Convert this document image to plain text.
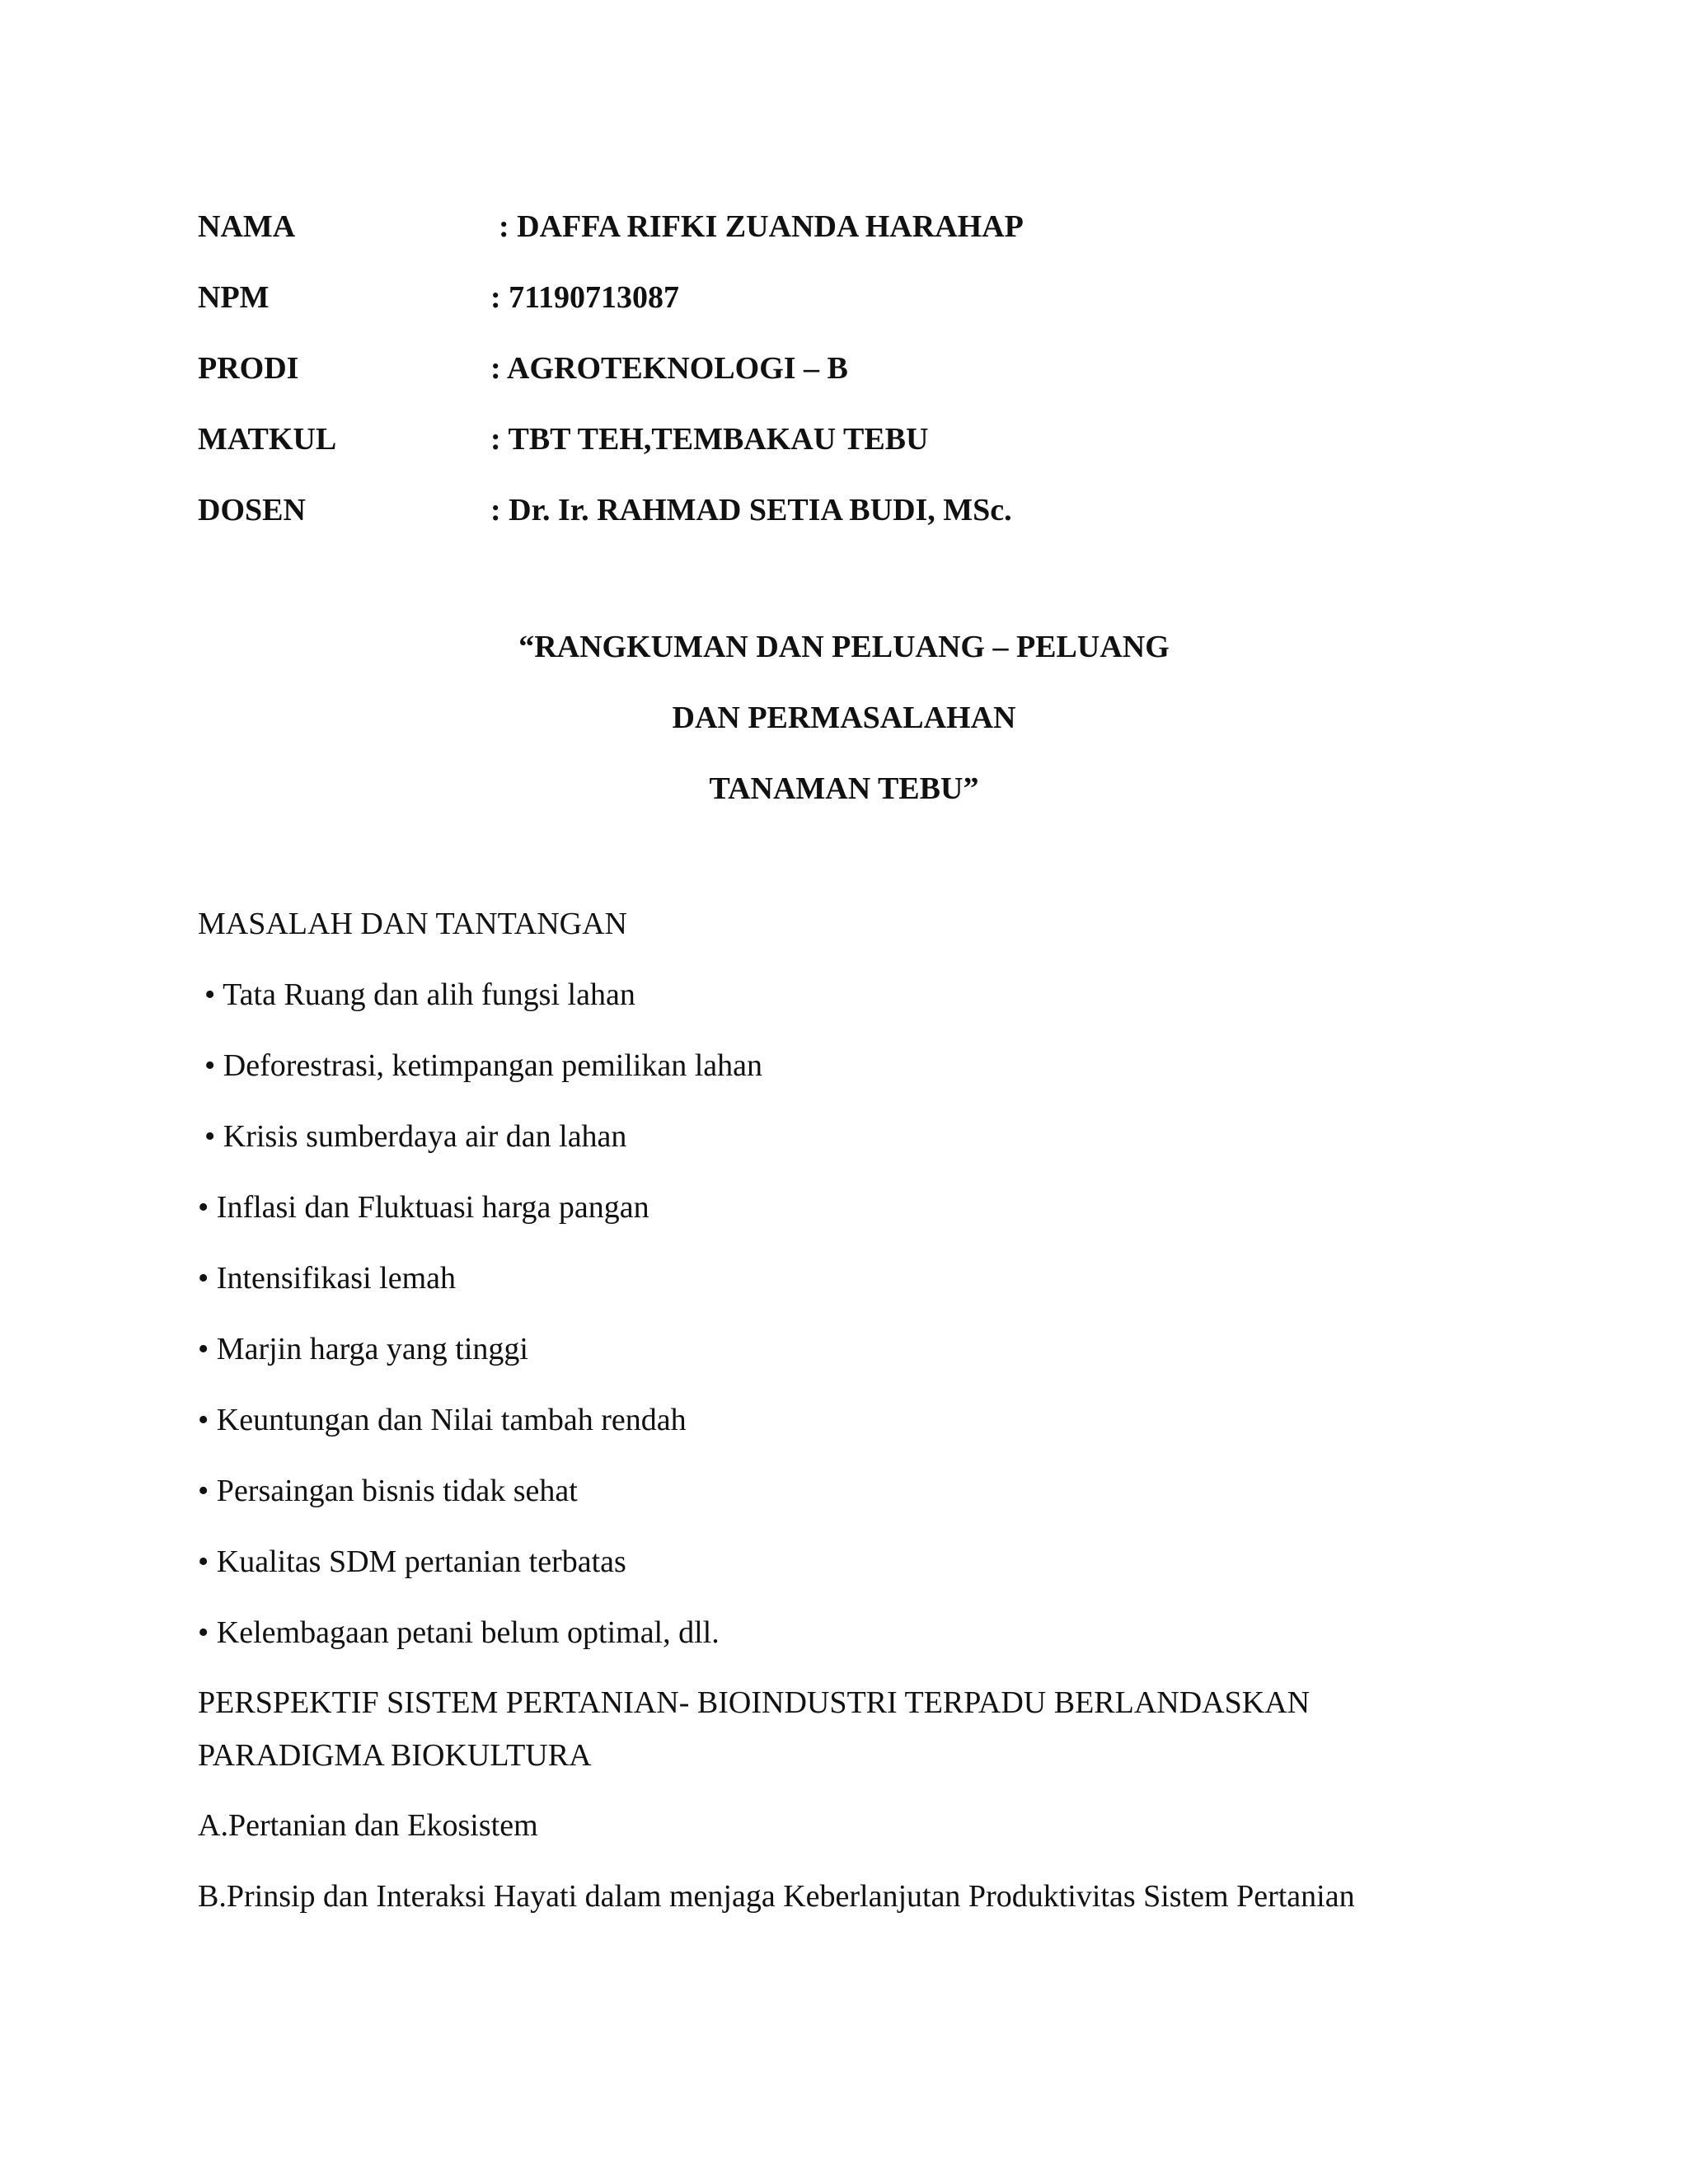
NAMA	: DAFFA RIFKI ZUANDA HARAHAP
NPM	: 71190713087
PRODI	: AGROTEKNOLOGI – B
MATKUL	: TBT TEH,TEMBAKAU TEBU
DOSEN	: Dr. Ir. RAHMAD SETIA BUDI, MSc.
“RANGKUMAN DAN PELUANG – PELUANG
DAN PERMASALAHAN
TANAMAN TEBU”
MASALAH DAN TANTANGAN
• Tata Ruang dan alih fungsi lahan
• Deforestrasi, ketimpangan pemilikan lahan
• Krisis sumberdaya air dan lahan
• Inflasi dan Fluktuasi harga pangan
• Intensifikasi lemah
• Marjin harga yang tinggi
• Keuntungan dan Nilai tambah rendah
• Persaingan bisnis tidak sehat
• Kualitas SDM pertanian terbatas
• Kelembagaan petani belum optimal, dll.
PERSPEKTIF SISTEM PERTANIAN- BIOINDUSTRI TERPADU BERLANDASKAN
PARADIGMA BIOKULTURA
A.Pertanian dan Ekosistem
B.Prinsip dan Interaksi Hayati dalam menjaga Keberlanjutan Produktivitas Sistem Pertanian
